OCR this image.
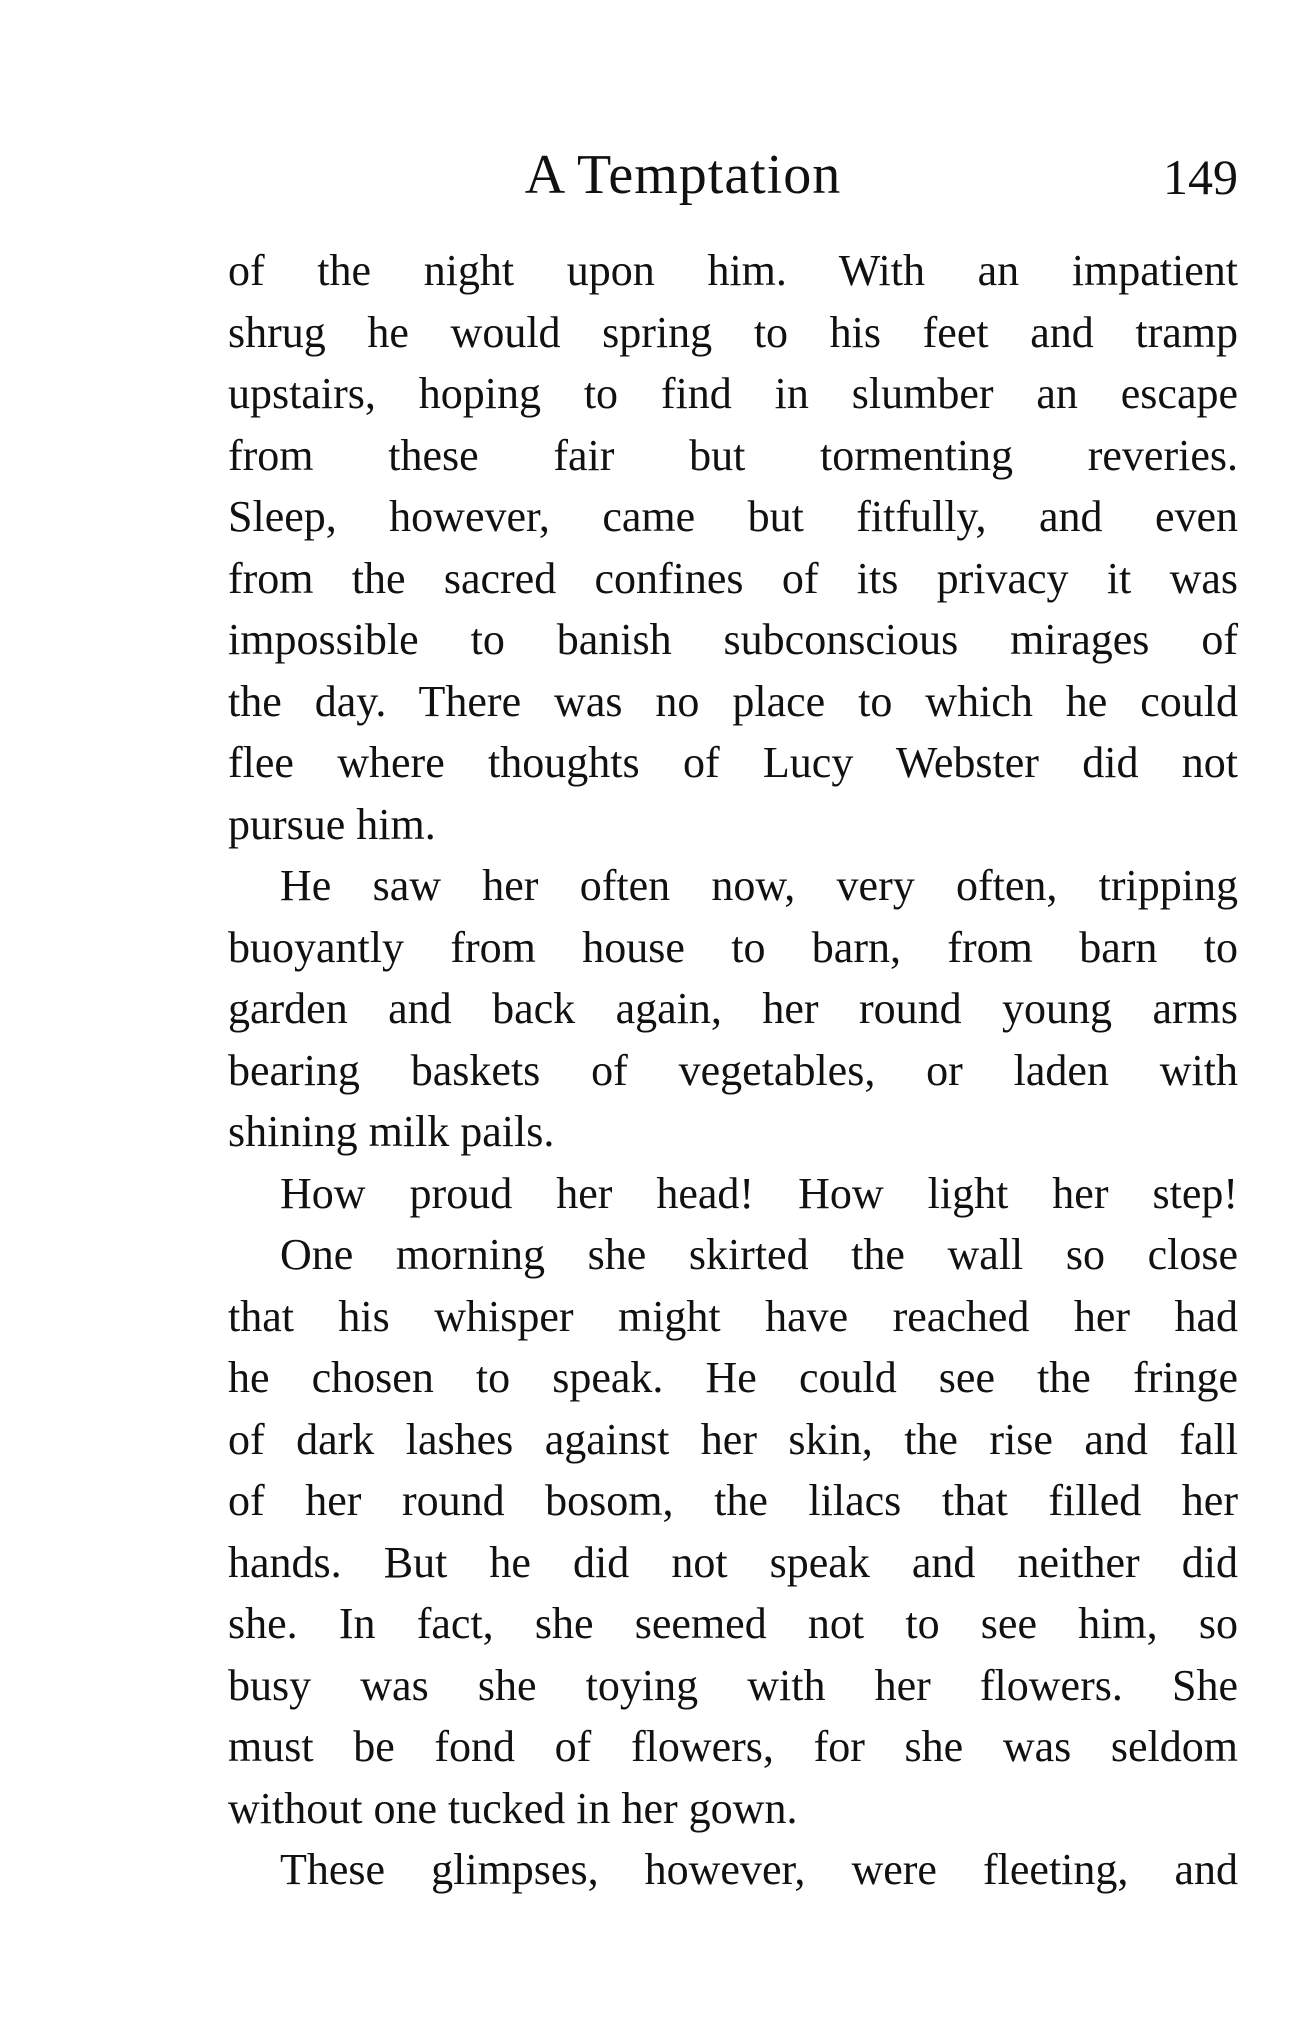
A Temptation	149
of the night upon him. With an impatient
shrug he would spring to his feet and tramp
upstairs, hoping to find in slumber an escape
from these fair but tormenting reveries.
Sleep, however, came but fitfully, and even
from the sacred confines of its privacy it was
impossible to banish subconscious mirages of
the day. There was no place to which he could
flee where thoughts of Lucy Webster did not
pursue him.
He saw her often now, very often, tripping
buoyantly from house to barn, from barn to
garden and back again, her round young arms
bearing baskets of vegetables, or laden with
shining milk pails.
How proud her head! How light her step!
One morning she skirted the wall so close
that his whisper might have reached her had
he chosen to speak. He could see the fringe
of dark lashes against her skin, the rise and fall
of her round bosom, the lilacs that filled her
hands. But he did not speak and neither did
she. In fact, she seemed not to see him, so
busy was she toying with her flowers. She
must be fond of flowers, for she was seldom
without one tucked in her gown.
These glimpses, however, were fleeting, and
